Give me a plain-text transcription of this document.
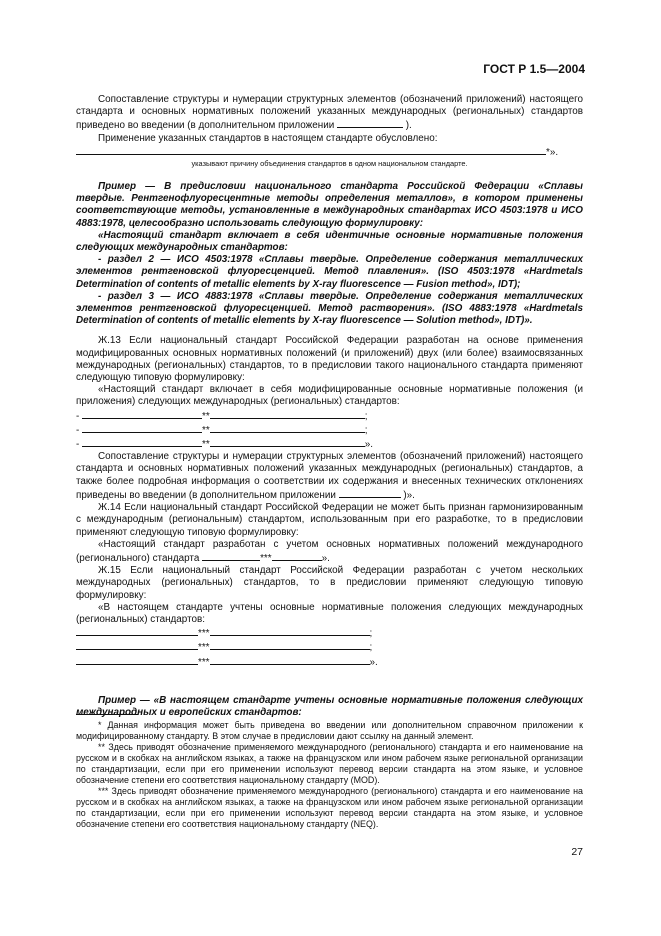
ГОСТ Р 1.5—2004

Сопоставление структуры и нумерации структурных элементов (обозначений приложений) настоящего стандарта и основных нормативных положений указанных международных (региональных) стандартов приведено во введении (в дополнительном приложении	).

Применение указанных стандартов в настоящем стандарте обусловлено:

*».

указывают причину объединения стандартов в одном национальном стандарте.

Пример — В предисловии национального стандарта Российской Федерации «Сплавы твердые. Рентгенофлуоресцентные методы определения металлов», в котором применены соответствующие методы, установленные в международных стандартах ИСО 4503:1978 и ИСО 4883:1978, целесообразно использовать следующую формулировку:

«Настоящий стандарт включает в себя идентичные основные нормативные положения следующих международных стандартов:

- раздел 2 — ИСО 4503:1978 «Сплавы твердые. Определение содержания металлических элементов рентгеновской флуоресценцией. Метод плавления». (ISO 4503:1978 «Hardmetals Determination of contents of metallic elements by X-ray fluorescence — Fusion method», IDT);

- раздел 3 — ИСО 4883:1978 «Сплавы твердые. Определение содержания металлических элементов рентгеновской флуоресценцией. Метод растворения». (ISO 4883:1978 «Hardmetals Determination of contents of metallic elements by X-ray fluorescence — Solution method», IDT)».

Ж.13 Если национальный стандарт Российской Федерации разработан на основе применения модифицированных основных нормативных положений (и приложений) двух (или более) взаимосвязанных международных (региональных) стандартов, то в предисловии такого национального стандарта применяют следующую типовую формулировку:

«Настоящий стандарт включает в себя модифицированные основные нормативные положения (и приложения) следующих международных (региональных) стандартов:

-	**	;

-	**	;

-	**	».

Сопоставление структуры и нумерации структурных элементов (обозначений приложений) настоящего стандарта и основных нормативных положений указанных международных (региональных) стандартов, а также более подробная информация о соответствии их содержания и внесенных технических отклонениях приведены во введении (в дополнительном приложении	)».

Ж.14 Если национальный стандарт Российской Федерации не может быть признан гармонизированным с международным (региональным) стандартом, использованным при его разработке, то в предисловии применяют следующую типовую формулировку:

«Настоящий стандарт разработан с учетом основных нормативных положений международного (регионального) стандарта	***	».

Ж.15 Если национальный стандарт Российской Федерации разработан с учетом нескольких международных (региональных) стандартов, то в предисловии применяют следующую типовую формулировку:

«В настоящем стандарте учтены основные нормативные положения следующих международных (региональных) стандартов:

***	;

***	;

***	».

Пример — «В настоящем стандарте учтены основные нормативные положения следующих международных и европейских стандартов:

* Данная информация может быть приведена во введении или дополнительном справочном приложении к модифицированному стандарту. В этом случае в предисловии дают ссылку на данный элемент.

** Здесь приводят обозначение применяемого международного (регионального) стандарта и его наименование на русском и в скобках на английском языках, а также на французском или ином рабочем языке региональной организации по стандартизации, если при его применении используют перевод версии стандарта на этом языке, и условное обозначение степени его соответствия национальному стандарту (MOD).

*** Здесь приводят обозначение применяемого международного (регионального) стандарта и его наименование на русском и в скобках на английском языках, а также на французском или ином рабочем языке региональной организации по стандартизации, если при его применении используют перевод версии стандарта на этом языке, и условное обозначение степени его соответствия национальному стандарту (NEQ).

27
